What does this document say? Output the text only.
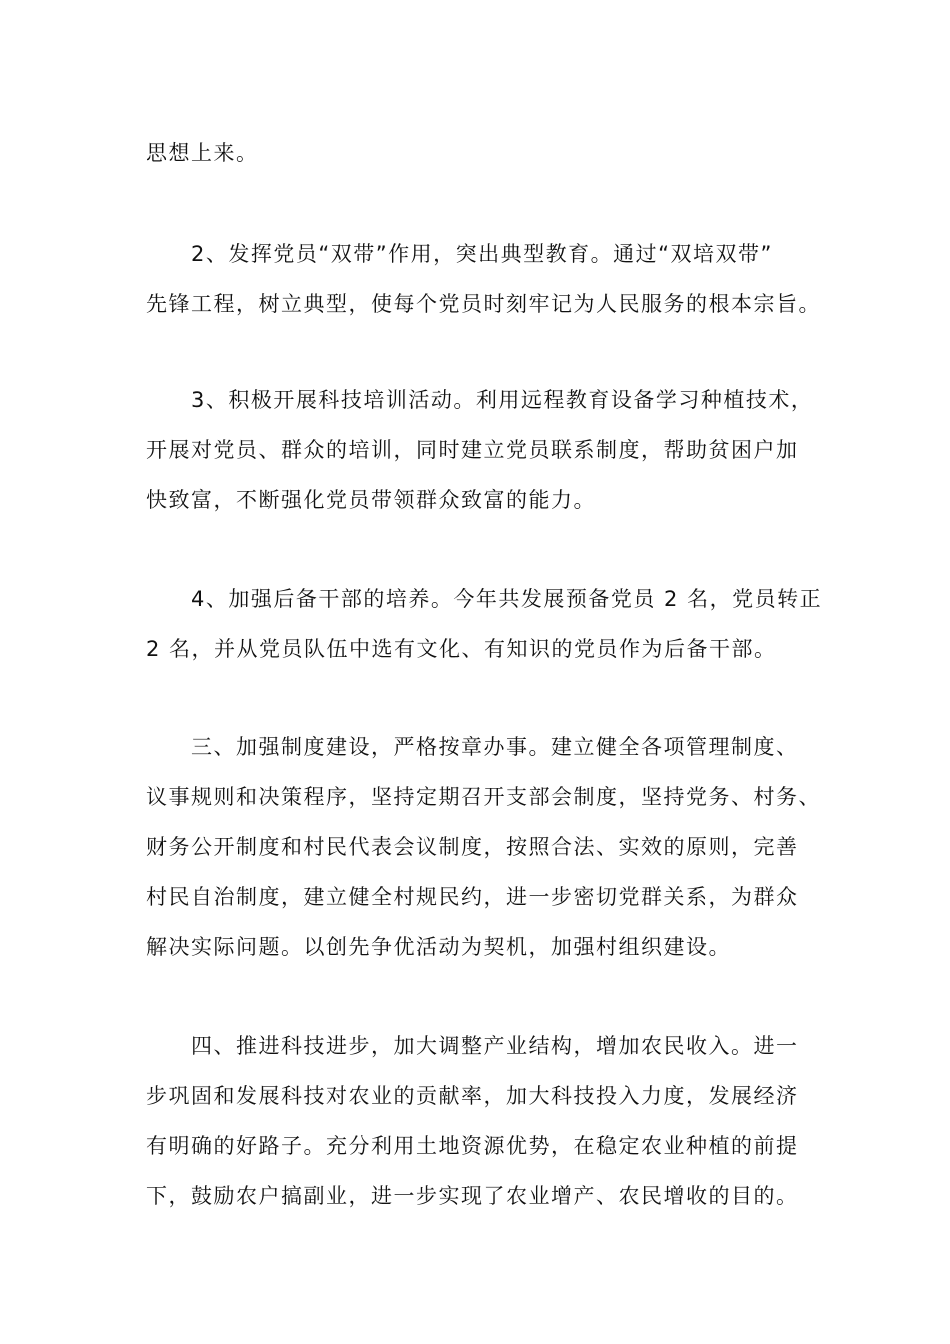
思想上来。
2、发挥党员“双带”作用，突出典型教育。通过“双培双带”
先锋工程，树立典型，使每个党员时刻牢记为人民服务的根本宗旨。
3、积极开展科技培训活动。利用远程教育设备学习种植技术，
开展对党员、群众的培训，同时建立党员联系制度，帮助贫困户加
快致富，不断强化党员带领群众致富的能力。
4、加强后备干部的培养。今年共发展预备党员 2 名，党员转正
2 名，并从党员队伍中选有文化、有知识的党员作为后备干部。
三、加强制度建设，严格按章办事。建立健全各项管理制度、
议事规则和决策程序，坚持定期召开支部会制度，坚持党务、村务、
财务公开制度和村民代表会议制度，按照合法、实效的原则，完善
村民自治制度，建立健全村规民约，进一步密切党群关系，为群众
解决实际问题。以创先争优活动为契机，加强村组织建设。
四、推进科技进步，加大调整产业结构，增加农民收入。进一
步巩固和发展科技对农业的贡献率，加大科技投入力度，发展经济
有明确的好路子。充分利用土地资源优势，在稳定农业种植的前提
下，鼓励农户搞副业，进一步实现了农业增产、农民增收的目的。
